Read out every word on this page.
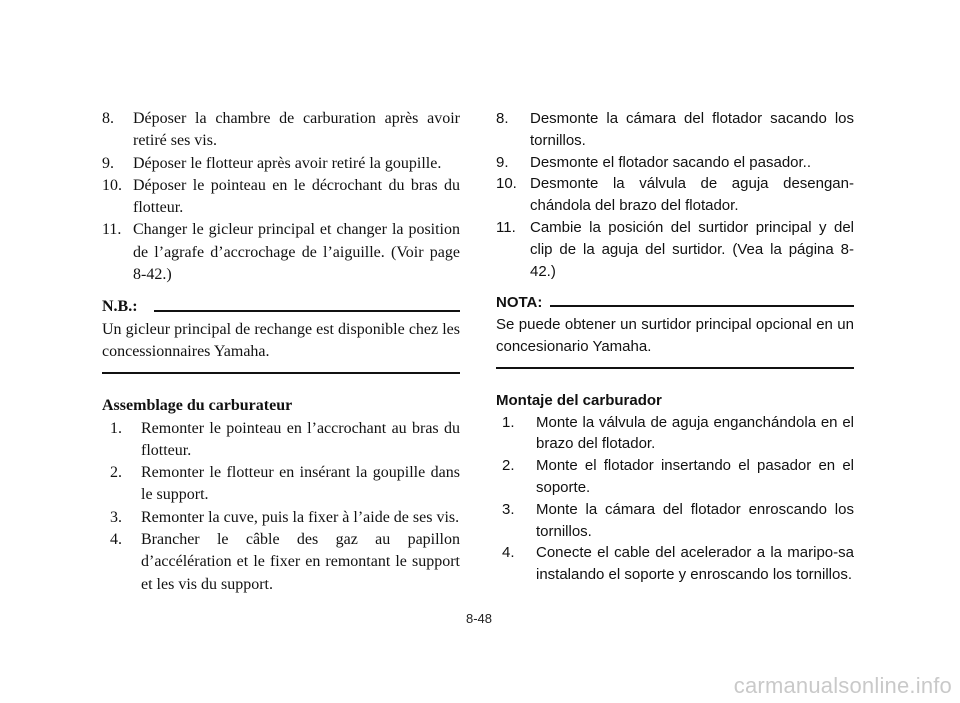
8.	Déposer la chambre de carburation après avoir retiré ses vis.
9.	Déposer le flotteur après avoir retiré la goupille.
10. Déposer le pointeau en le décrochant du bras du flotteur.
11. Changer le gicleur principal et changer la position de l’agrafe d’accrochage de l’aiguille. (Voir page 8-42.)
N.B.:
Un gicleur principal de rechange est disponible chez les concessionnaires Yamaha.
Assemblage du carburateur
1.	Remonter le pointeau en l’accrochant au bras du flotteur.
2.	Remonter le flotteur en insérant la goupille dans le support.
3.	Remonter la cuve, puis la fixer à l’aide de ses vis.
4.	Brancher le câble des gaz au papillon d’accélération et le fixer en remontant le support et les vis du support.
8.	Desmonte la cámara del flotador sacando los tornillos.
9.	Desmonte el flotador sacando el pasador..
10. Desmonte la válvula de aguja desengan-chándola del brazo del flotador.
11. Cambie la posición del surtidor principal y del clip de la aguja del surtidor. (Vea la página 8-42.)
NOTA:
Se puede obtener un surtidor principal opcional en un concesionario Yamaha.
Montaje del carburador
1.	Monte la válvula de aguja enganchándola en el brazo del flotador.
2.	Monte el flotador insertando el pasador en el soporte.
3.	Monte la cámara del flotador enroscando los tornillos.
4.	Conecte el cable del acelerador a la maripo-sa instalando el soporte y enroscando los tornillos.
8-48
carmanualsonline.info
